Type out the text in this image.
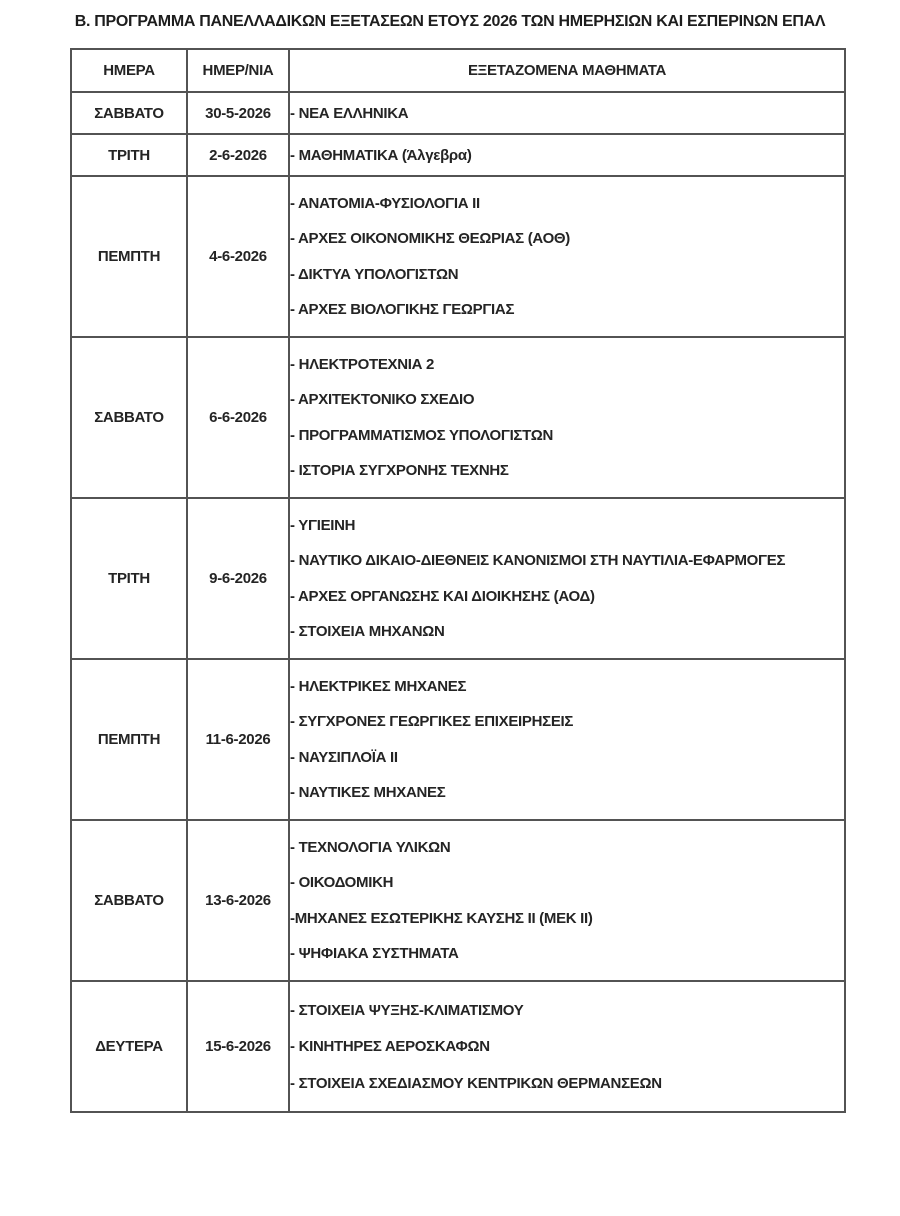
Β. ΠΡΟΓΡΑΜΜΑ ΠΑΝΕΛΛΑΔΙΚΩΝ ΕΞΕΤΑΣΕΩΝ ΕΤΟΥΣ 2026 ΤΩΝ ΗΜΕΡΗΣΙΩΝ ΚΑΙ ΕΣΠΕΡΙΝΩΝ ΕΠΑΛ
ΗΜΕΡΑ	ΗΜΕΡ/ΝΙΑ	ΕΞΕΤΑΖΟΜΕΝΑ ΜΑΘΗΜΑΤΑ
ΣΑΒΒΑΤΟ	30-5-2026	- ΝΕΑ ΕΛΛΗΝΙΚΑ

ΤΡΙΤΗ	2-6-2026	- ΜΑΘΗΜΑΤΙΚΑ (Άλγεβρα)

ΠΕΜΠΤΗ	4-6-2026	- ΑΝΑΤΟΜΙΑ-ΦΥΣΙΟΛΟΓΙΑ ΙΙ
- ΑΡΧΕΣ ΟΙΚΟΝΟΜΙΚΗΣ ΘΕΩΡΙΑΣ (ΑΟΘ)
- ΔΙΚΤΥΑ ΥΠΟΛΟΓΙΣΤΩΝ
- ΑΡΧΕΣ ΒΙΟΛΟΓΙΚΗΣ ΓΕΩΡΓΙΑΣ

ΣΑΒΒΑΤΟ	6-6-2026	- ΗΛΕΚΤΡΟΤΕΧΝΙΑ 2
- ΑΡΧΙΤΕΚΤΟΝΙΚΟ ΣΧΕΔΙΟ
- ΠΡΟΓΡΑΜΜΑΤΙΣΜΟΣ ΥΠΟΛΟΓΙΣΤΩΝ
- ΙΣΤΟΡΙΑ ΣΥΓΧΡΟΝΗΣ ΤΕΧΝΗΣ

ΤΡΙΤΗ	9-6-2026	- ΥΓΙΕΙΝΗ
- ΝΑΥΤΙΚΟ ΔΙΚΑΙΟ-ΔΙΕΘΝΕΙΣ ΚΑΝΟΝΙΣΜΟΙ ΣΤΗ ΝΑΥΤΙΛΙΑ-ΕΦΑΡΜΟΓΕΣ
- ΑΡΧΕΣ ΟΡΓΑΝΩΣΗΣ ΚΑΙ ΔΙΟΙΚΗΣΗΣ (ΑΟΔ)
- ΣΤΟΙΧΕΙΑ ΜΗΧΑΝΩΝ

ΠΕΜΠΤΗ	11-6-2026	- ΗΛΕΚΤΡΙΚΕΣ ΜΗΧΑΝΕΣ
- ΣΥΓΧΡΟΝΕΣ ΓΕΩΡΓΙΚΕΣ ΕΠΙΧΕΙΡΗΣΕΙΣ
- ΝΑΥΣΙΠΛΟΪΑ ΙΙ
- ΝΑΥΤΙΚΕΣ ΜΗΧΑΝΕΣ

ΣΑΒΒΑΤΟ	13-6-2026	- ΤΕΧΝΟΛΟΓΙΑ ΥΛΙΚΩΝ
- ΟΙΚΟΔΟΜΙΚΗ
-ΜΗΧΑΝΕΣ ΕΣΩΤΕΡΙΚΗΣ ΚΑΥΣΗΣ ΙΙ (ΜΕΚ ΙΙ)
- ΨΗΦΙΑΚΑ ΣΥΣΤΗΜΑΤΑ

ΔΕΥΤΕΡΑ	15-6-2026	- ΣΤΟΙΧΕΙΑ ΨΥΞΗΣ-ΚΛΙΜΑΤΙΣΜΟΥ
- ΚΙΝΗΤΗΡΕΣ ΑΕΡΟΣΚΑΦΩΝ
- ΣΤΟΙΧΕΙΑ ΣΧΕΔΙΑΣΜΟΥ ΚΕΝΤΡΙΚΩΝ ΘΕΡΜΑΝΣΕΩΝ
